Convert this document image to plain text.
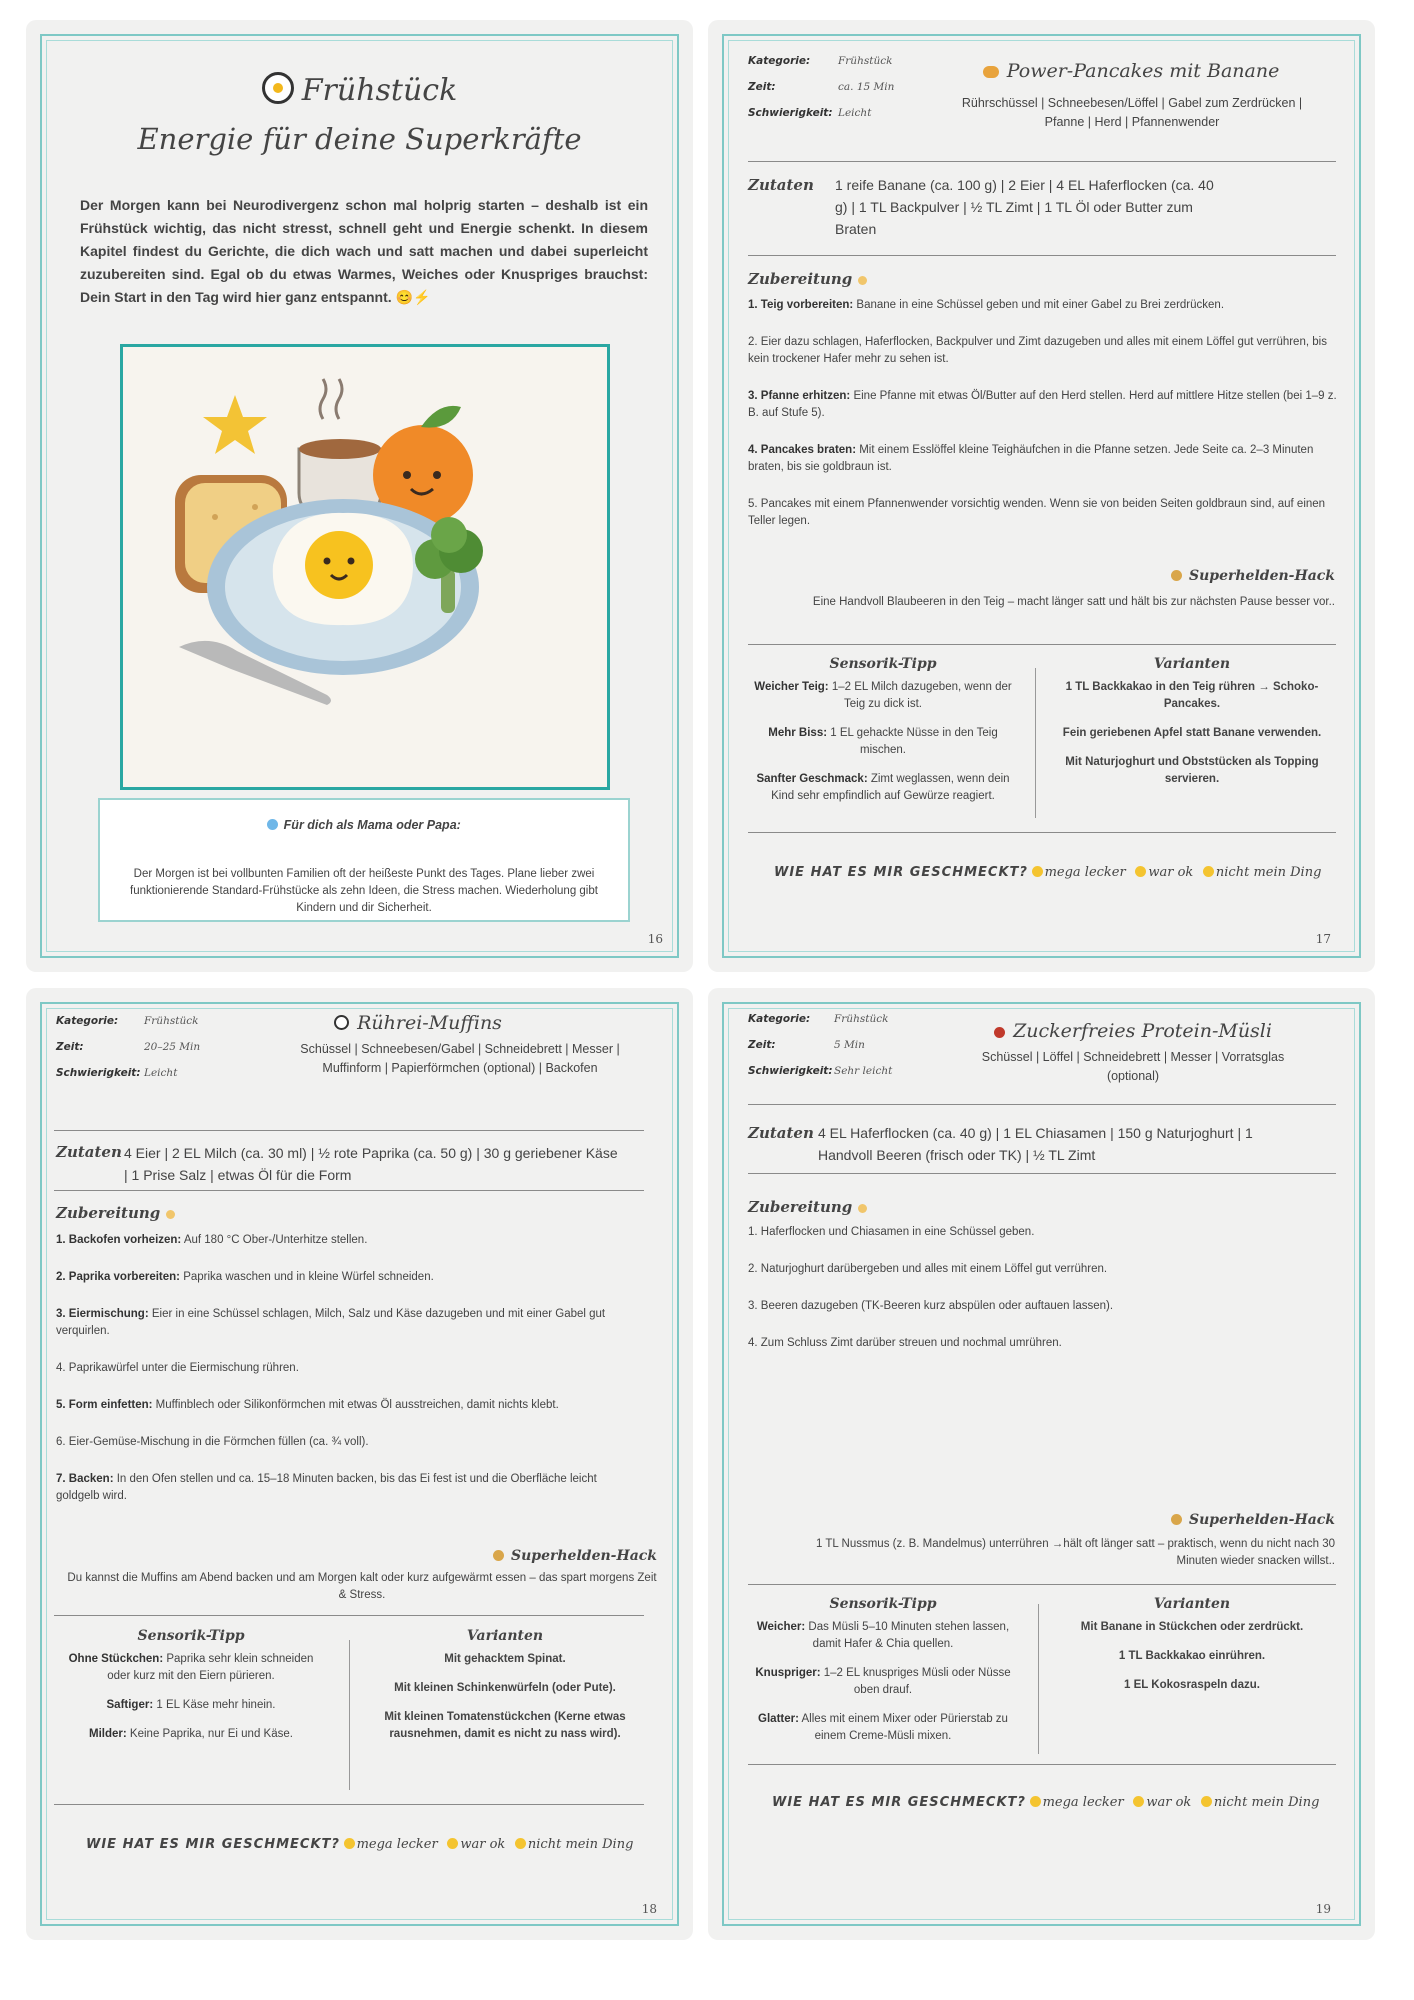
Frühstück
Energie für deine Superkräfte
Der Morgen kann bei Neurodivergenz schon mal holprig starten – deshalb ist ein Frühstück wichtig, das nicht stresst, schnell geht und Energie schenkt. In diesem Kapitel findest du Gerichte, die dich wach und satt machen und dabei superleicht zuzubereiten sind. Egal ob du etwas Warmes, Weiches oder Knuspriges brauchst: Dein Start in den Tag wird hier ganz entspannt. 😊⚡
Für dich als Mama oder Papa:
Der Morgen ist bei vollbunten Familien oft der heißeste Punkt des Tages. Plane lieber zwei funktionierende Standard-Frühstücke als zehn Ideen, die Stress machen. Wiederholung gibt Kindern und dir Sicherheit.
16
Kategorie:	Frühstück
Zeit:	ca. 15 Min
Schwierigkeit: Leicht
Power-Pancakes mit Banane
Rührschüssel | Schneebesen/Löffel | Gabel zum Zerdrücken | Pfanne | Herd | Pfannenwender
Zutaten 1 reife Banane (ca. 100 g) | 2 Eier | 4 EL Haferflocken (ca. 40 g) | 1 TL Backpulver | ½ TL Zimt | 1 TL Öl oder Butter zum Braten
Zubereitung

1. Teig vorbereiten: Banane in eine Schüssel geben und mit einer Gabel zu Brei zerdrücken.

2. Eier dazu schlagen, Haferflocken, Backpulver und Zimt dazugeben und alles mit einem Löffel gut verrühren, bis kein trockener Hafer mehr zu sehen ist.

3. Pfanne erhitzen: Eine Pfanne mit etwas Öl/Butter auf den Herd stellen. Herd auf mittlere Hitze stellen (bei 1–9 z. B. auf Stufe 5).

4. Pancakes braten: Mit einem Esslöffel kleine Teighäufchen in die Pfanne setzen. Jede Seite ca. 2–3 Minuten braten, bis sie goldbraun ist.

5. Pancakes mit einem Pfannenwender vorsichtig wenden. Wenn sie von beiden Seiten goldbraun sind, auf einen Teller legen.

Superhelden-Hack
Eine Handvoll Blaubeeren in den Teig – macht länger satt und hält bis zur nächsten Pause besser vor..
Sensorik-Tipp

Weicher Teig: 1–2 EL Milch dazugeben, wenn der Teig zu dick ist.

Mehr Biss: 1 EL gehackte Nüsse in den Teig mischen.

Sanfter Geschmack: Zimt weglassen, wenn dein Kind sehr empfindlich auf Gewürze reagiert.

Varianten

1 TL Backkakao in den Teig rühren → Schoko-Pancakes.

Fein geriebenen Apfel statt Banane verwenden.

Mit Naturjoghurt und Obststücken als Topping servieren.

WIE HAT ES MIR GESCHMECKT? mega lecker war ok nicht mein Ding
17
Kategorie: Frühstück
Zeit:	20–25 Min
Schwierigkeit: Leicht
Rührei-Muffins
Schüssel | Schneebesen/Gabel | Schneidebrett | Messer | Muffinform | Papierförmchen (optional) | Backofen
Zutaten 4 Eier | 2 EL Milch (ca. 30 ml) | ½ rote Paprika (ca. 50 g) | 30 g geriebener Käse | 1 Prise Salz | etwas Öl für die Form
Zubereitung

1. Backofen vorheizen: Auf 180 °C Ober-/Unterhitze stellen.

2. Paprika vorbereiten: Paprika waschen und in kleine Würfel schneiden.

3. Eiermischung: Eier in eine Schüssel schlagen, Milch, Salz und Käse dazugeben und mit einer Gabel gut verquirlen.

4. Paprikawürfel unter die Eiermischung rühren.

5. Form einfetten: Muffinblech oder Silikonförmchen mit etwas Öl ausstreichen, damit nichts klebt.

6. Eier-Gemüse-Mischung in die Förmchen füllen (ca. ¾ voll).

7. Backen: In den Ofen stellen und ca. 15–18 Minuten backen, bis das Ei fest ist und die Oberfläche leicht goldgelb wird.

Superhelden-Hack
Du kannst die Muffins am Abend backen und am Morgen kalt oder kurz aufgewärmt essen – das spart morgens Zeit & Stress.
Sensorik-Tipp

Ohne Stückchen: Paprika sehr klein schneiden oder kurz mit den Eiern pürieren.

Saftiger: 1 EL Käse mehr hinein.

Milder: Keine Paprika, nur Ei und Käse.

Varianten

Mit gehacktem Spinat.

Mit kleinen Schinkenwürfeln (oder Pute).

Mit kleinen Tomatenstückchen (Kerne etwas rausnehmen, damit es nicht zu nass wird).

WIE HAT ES MIR GESCHMECKT? mega lecker war ok nicht mein Ding
18
Kategorie: Frühstück
Zeit:	5 Min
Schwierigkeit:Sehr leicht
Zuckerfreies Protein-Müsli
Schüssel | Löffel | Schneidebrett | Messer | Vorratsglas (optional)
Zutaten 4 EL Haferflocken (ca. 40 g) | 1 EL Chiasamen | 150 g Naturjoghurt | 1 Handvoll Beeren (frisch oder TK) | ½ TL Zimt
Zubereitung

1. Haferflocken und Chiasamen in eine Schüssel geben.

2. Naturjoghurt darübergeben und alles mit einem Löffel gut verrühren.

3. Beeren dazugeben (TK-Beeren kurz abspülen oder auftauen lassen).

4. Zum Schluss Zimt darüber streuen und nochmal umrühren.

Superhelden-Hack
1 TL Nussmus (z. B. Mandelmus) unterrühren →hält oft länger satt – praktisch, wenn du nicht nach 30 Minuten wieder snacken willst..
Sensorik-Tipp

Weicher: Das Müsli 5–10 Minuten stehen lassen, damit Hafer & Chia quellen.

Knuspriger: 1–2 EL knuspriges Müsli oder Nüsse oben drauf.

Glatter: Alles mit einem Mixer oder Pürierstab zu einem Creme-Müsli mixen.

Varianten

Mit Banane in Stückchen oder zerdrückt.

1 TL Backkakao einrühren.

1 EL Kokosraspeln dazu.

WIE HAT ES MIR GESCHMECKT? mega lecker war ok nicht mein Ding
19
